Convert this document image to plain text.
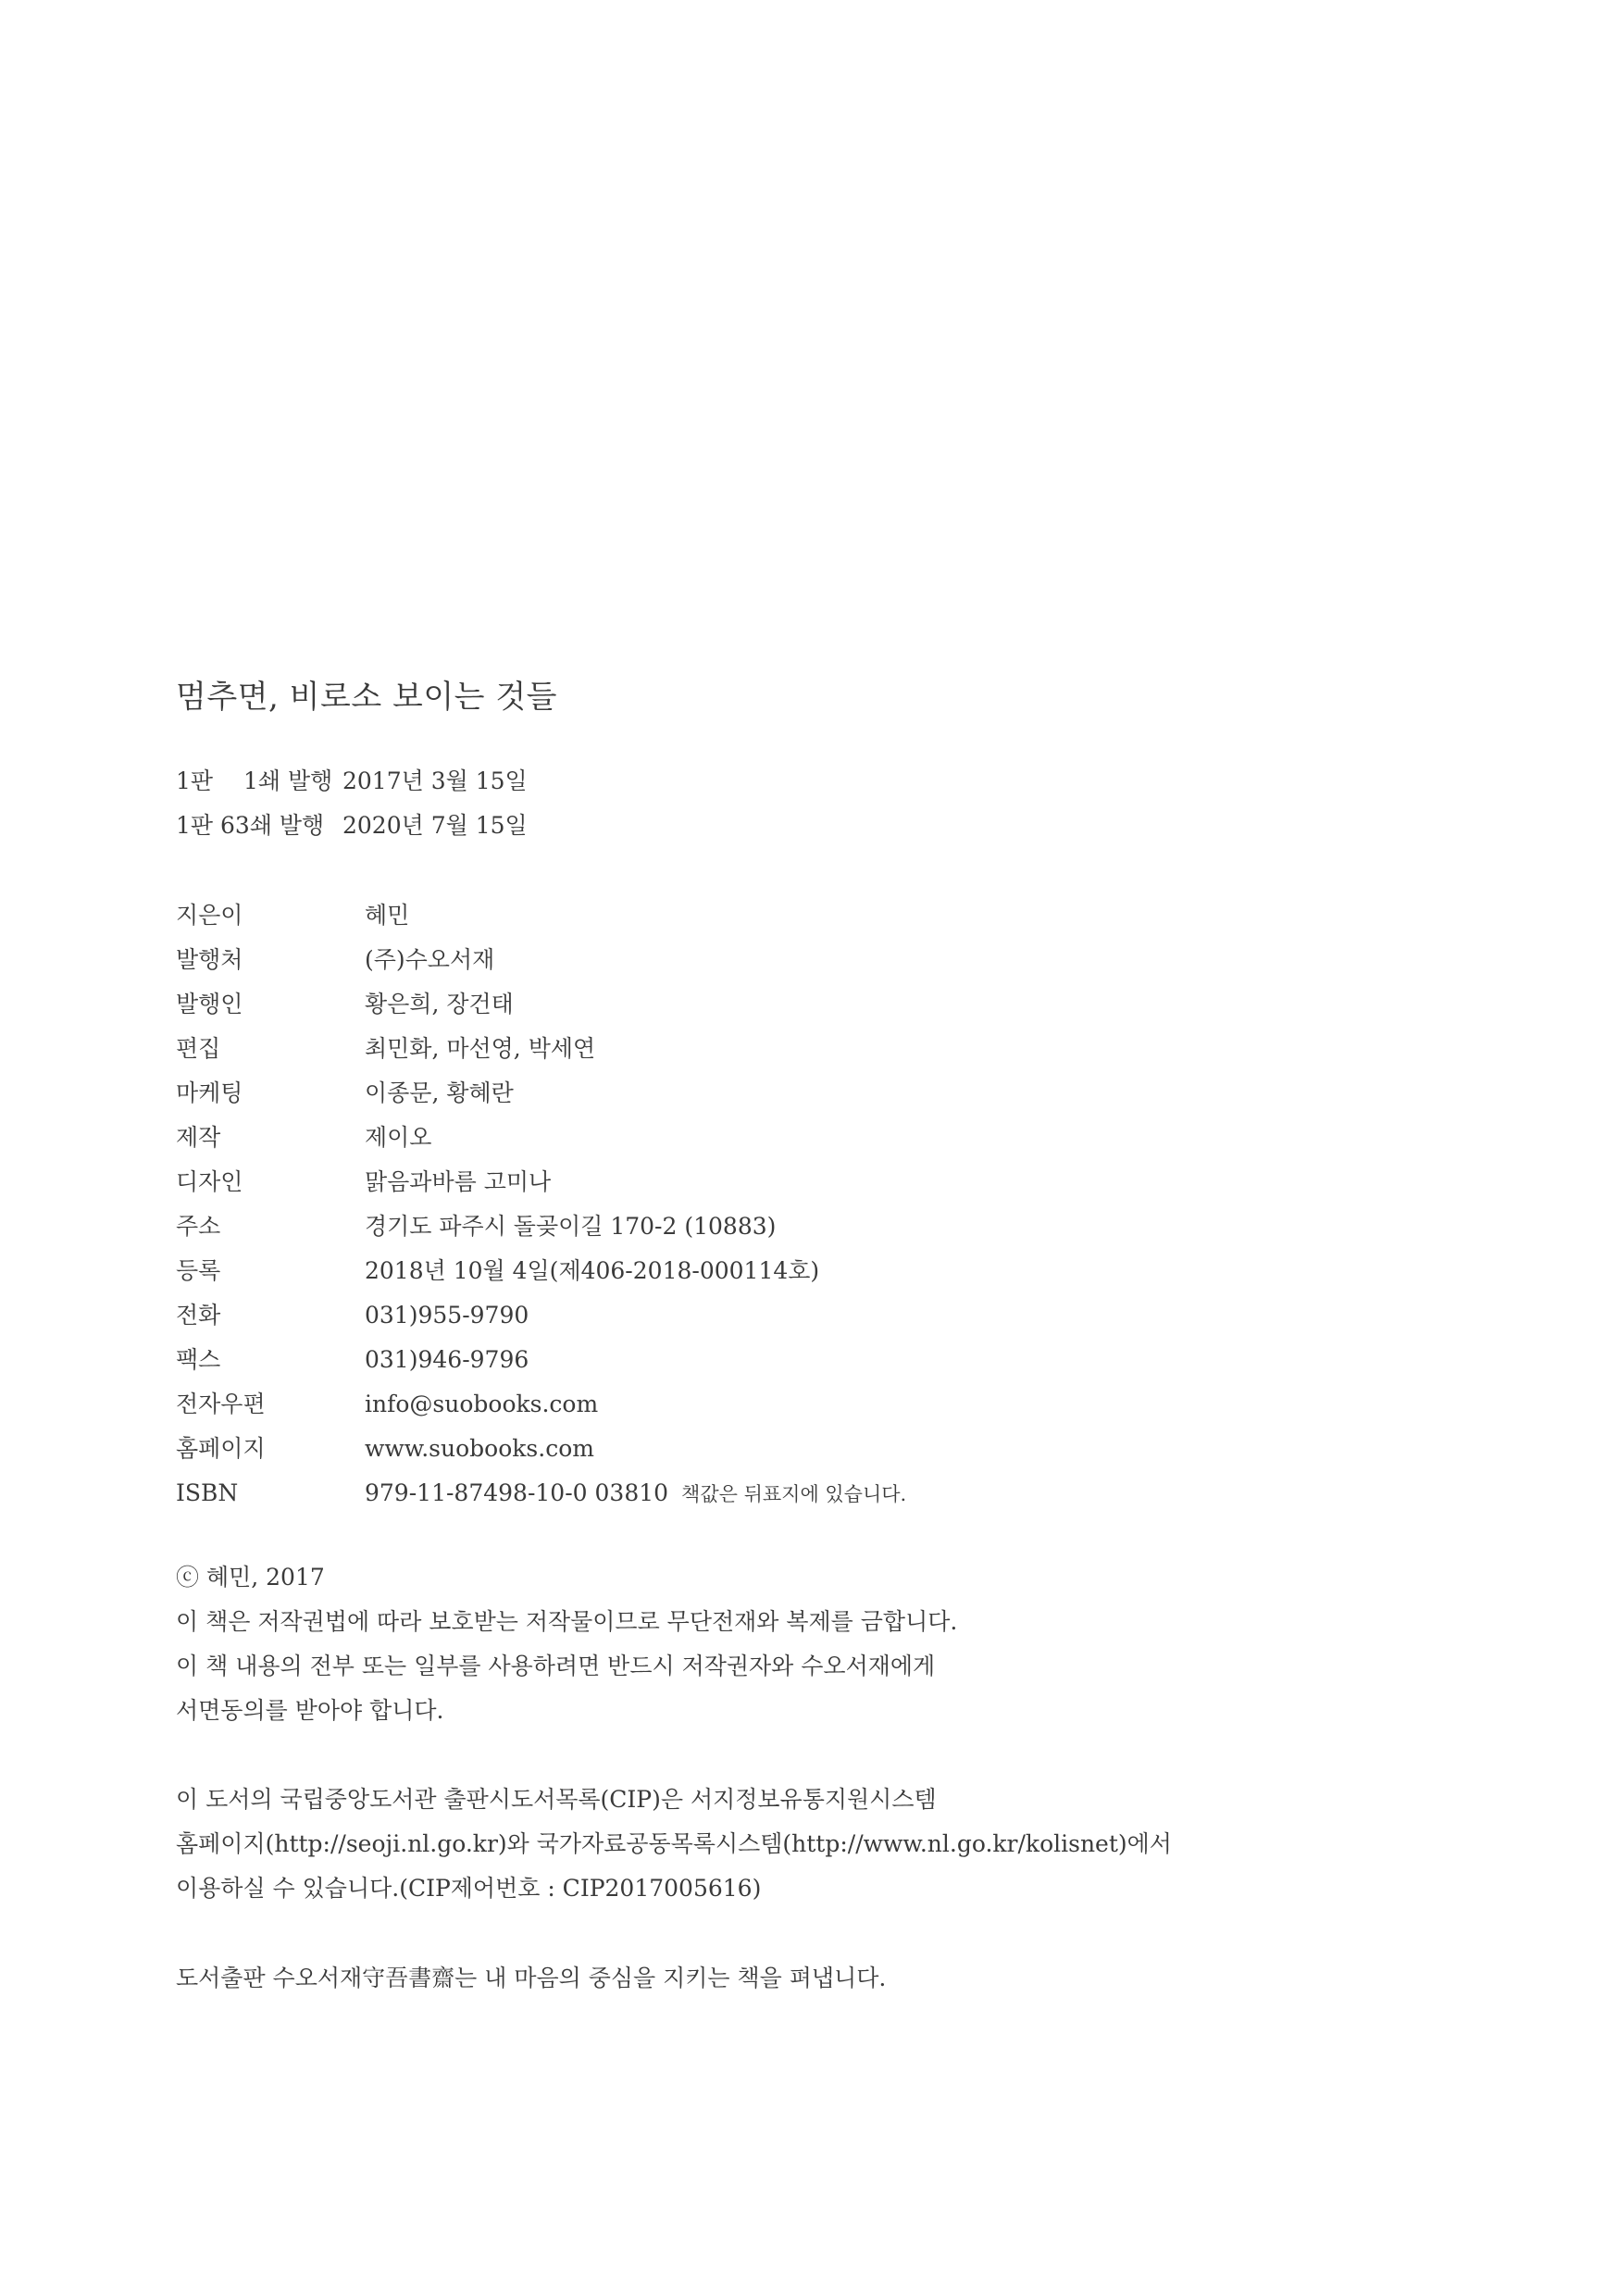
멈추면, 비로소 보이는 것들
1판 　1쇄 발행 2017년 3월 15일
1판 63쇄 발행 2020년 7월 15일
지은이	혜민
발행처	(주)수오서재
발행인	황은희, 장건태
편집	최민화, 마선영, 박세연
마케팅	이종문, 황혜란
제작	제이오
디자인	맑음과바름 고미나
주소	경기도 파주시 돌곶이길 170-2 (10883)
등록	2018년 10월 4일(제406-2018-000114호)
전화	031)955-9790
팩스	031)946-9796
전자우편	info@suobooks.com
홈페이지	www.suobooks.com
ISBN	979-11-87498-10-0 03810 책값은 뒤표지에 있습니다.
ⓒ 혜민, 2017
이 책은 저작권법에 따라 보호받는 저작물이므로 무단전재와 복제를 금합니다.
이 책 내용의 전부 또는 일부를 사용하려면 반드시 저작권자와 수오서재에게
서면동의를 받아야 합니다.
이 도서의 국립중앙도서관 출판시도서목록(CIP)은 서지정보유통지원시스템
홈페이지(http://seoji.nl.go.kr)와 국가자료공동목록시스템(http://www.nl.go.kr/kolisnet)에서
이용하실 수 있습니다.(CIP제어번호 : CIP2017005616)
도서출판 수오서재守吾書齋는 내 마음의 중심을 지키는 책을 펴냅니다.
